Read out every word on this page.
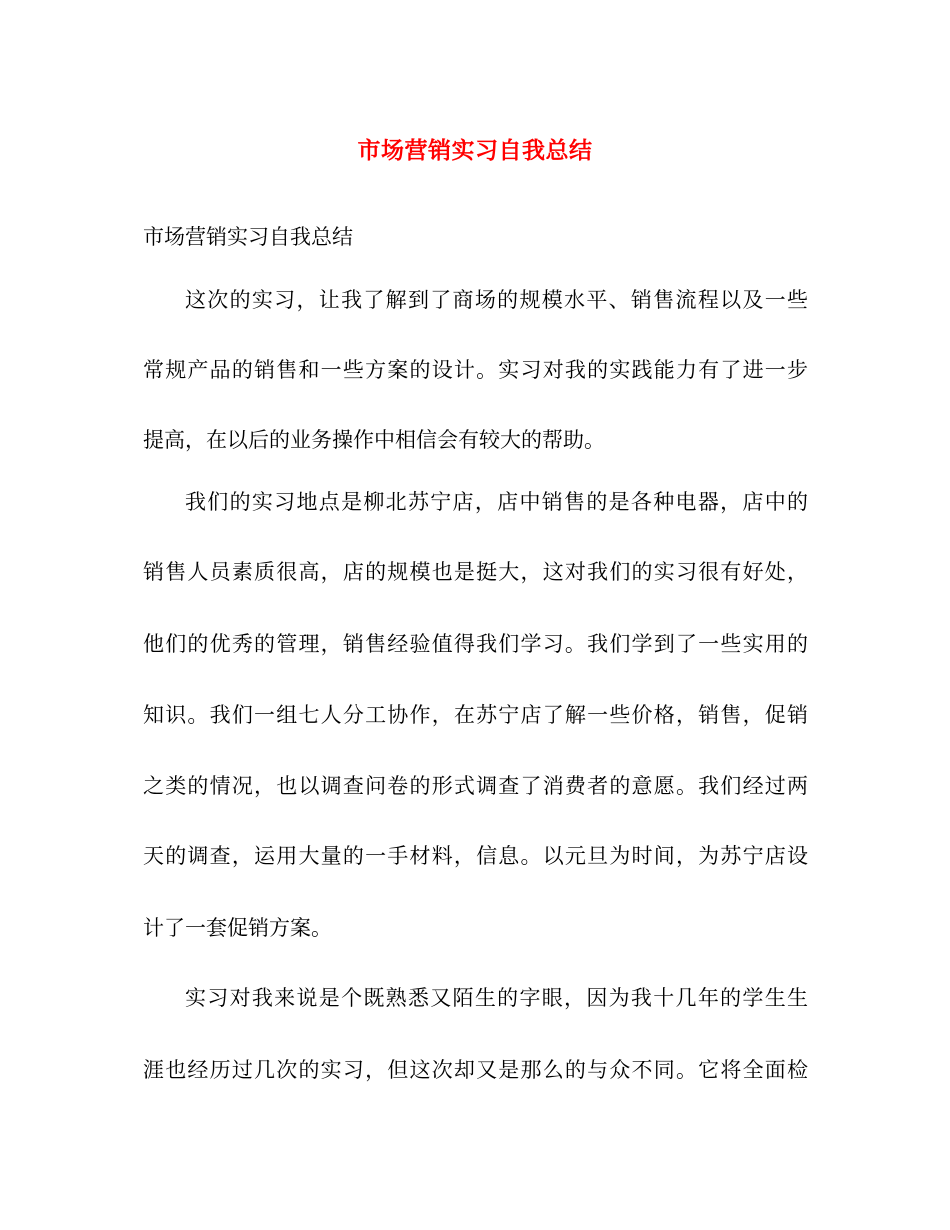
市场营销实习自我总结
市场营销实习自我总结
这次的实习，让我了解到了商场的规模水平、销售流程以及一些
常规产品的销售和一些方案的设计。实习对我的实践能力有了进一步
提高，在以后的业务操作中相信会有较大的帮助。
我们的实习地点是柳北苏宁店，店中销售的是各种电器，店中的
销售人员素质很高，店的规模也是挺大，这对我们的实习很有好处，
他们的优秀的管理，销售经验值得我们学习。我们学到了一些实用的
知识。我们一组七人分工协作，在苏宁店了解一些价格，销售，促销
之类的情况，也以调查问卷的形式调查了消费者的意愿。我们经过两
天的调查，运用大量的一手材料，信息。以元旦为时间，为苏宁店设
计了一套促销方案。
实习对我来说是个既熟悉又陌生的字眼，因为我十几年的学生生
涯也经历过几次的实习，但这次却又是那么的与众不同。它将全面检
